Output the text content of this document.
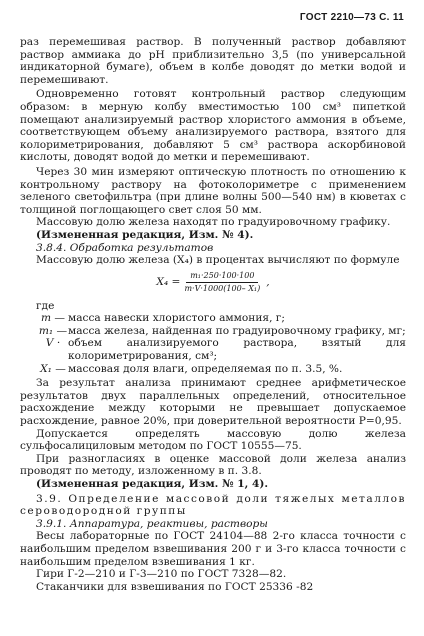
ГОСТ 2210—73 С. 11

раз перемешивая раствор. В полученный раствор добавляют раствор аммиака до pH приблизительно 3,5 (по универсальной индикаторной бумаге), объем в колбе доводят до метки водой и перемешивают.

Одновременно готовят контрольный раствор следующим образом: в мерную колбу вместимостью 100 см³ пипеткой помещают анализируемый раствор хлористого аммония в объеме, соответствующем объему анализируемого раствора, взятого для колориметрирования, добавляют 5 см³ раствора аскорбиновой кислоты, доводят водой до метки и перемешивают.

Через 30 мин измеряют оптическую плотность по отношению к контрольному раствору на фотоколориметре с применением зеленого светофильтра (при длине волны 500—540 нм) в кюветах с толщиной поглощающего свет слоя 50 мм.

Массовую долю железа находят по градуировочному графику.

(Измененная редакция, Изм. № 4).

3.8.4. Обработка результатов

Массовую долю железа (X₄) в процентах вычисляют по формуле

$X_4 = \frac{\text{m₁·250·100·100}}{\text{m·V·1000(100– X₁)}}$ ,

где

m — масса навески хлористого аммония, г;
m₁ — масса железа, найденная по градуировочному графику, мг;
V · объем анализируемого раствора, взятый для колориметрирования, см³;
X₁ — массовая доля влаги, определяемая по п. 3.5, %.

За результат анализа принимают среднее арифметическое результатов двух параллельных определений, относительное расхождение между которыми не превышает допускаемое расхождение, равное 20%, при доверительной вероятности P=0,95.

Допускается определять массовую долю железа сульфосалициловым методом по ГОСТ 10555—75.

При разногласиях в оценке массовой доли железа анализ проводят по методу, изложенному в п. 3.8.

(Измененная редакция, Изм. № 1, 4).

3.9. Определение массовой доли тяжелых металлов сероводородной группы

3.9.1. Аппаратура, реактивы, растворы

Весы лабораторные по ГОСТ 24104—88 2-го класса точности с наибольшим пределом взвешивания 200 г и 3-го класса точности с наибольшим пределом взвешивания 1 кг.

Гири Г-2—210 и Г-3—210 по ГОСТ 7328—82.

Стаканчики для взвешивания по ГОСТ 25336 -82
